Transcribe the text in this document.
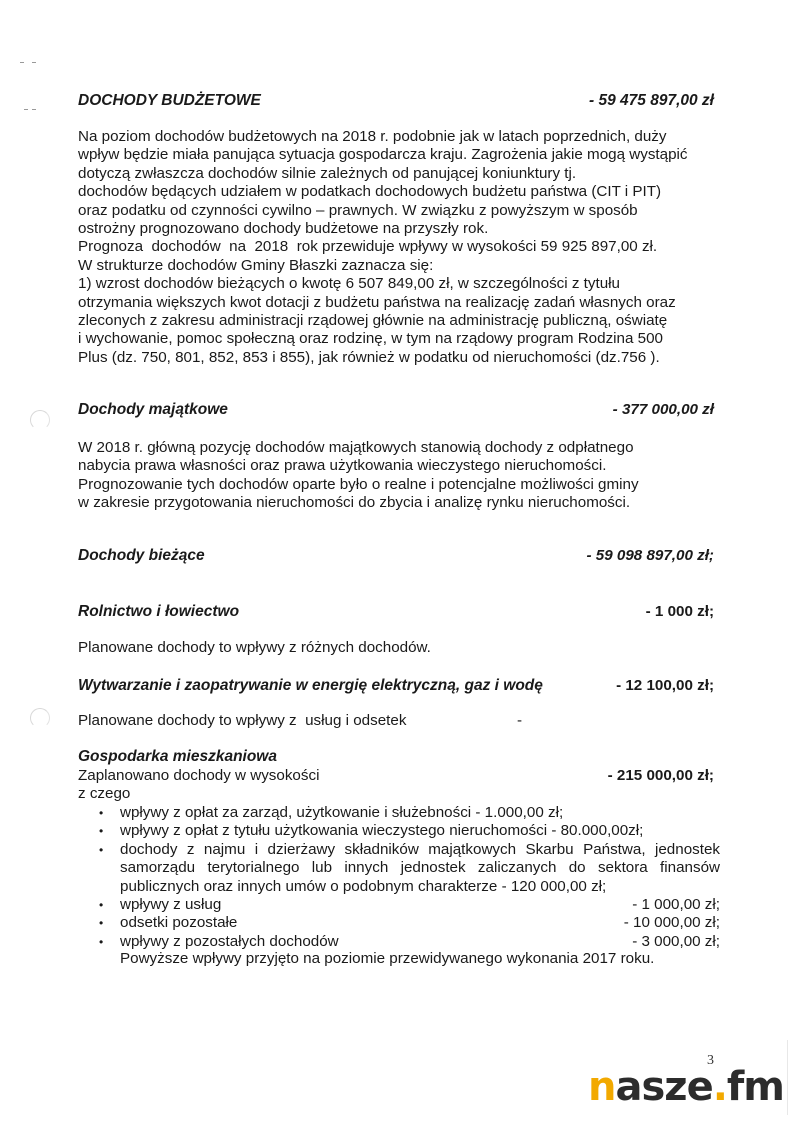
DOCHODY BUDŻETOWE	- 59 475 897,00 zł
Na poziom dochodów budżetowych na 2018 r. podobnie jak w latach poprzednich, duży
wpływ będzie miała panująca sytuacja gospodarcza kraju. Zagrożenia jakie mogą wystąpić
dotyczą zwłaszcza dochodów silnie zależnych od panującej koniunktury tj.
dochodów będących udziałem w podatkach dochodowych budżetu państwa (CIT i PIT)
oraz podatku od czynności cywilno – prawnych. W związku z powyższym w sposób
ostrożny prognozowano dochody budżetowe na przyszły rok.
Prognoza  dochodów  na  2018  rok przewiduje wpływy w wysokości 59 925 897,00 zł.
W strukturze dochodów Gminy Błaszki zaznacza się:
1) wzrost dochodów bieżących o kwotę 6 507 849,00 zł, w szczególności z tytułu
otrzymania większych kwot dotacji z budżetu państwa na realizację zadań własnych oraz
zleconych z zakresu administracji rządowej głównie na administrację publiczną, oświatę
i wychowanie, pomoc społeczną oraz rodzinę, w tym na rządowy program Rodzina 500
Plus (dz. 750, 801, 852, 853 i 855), jak również w podatku od nieruchomości (dz.756 ).
Dochody majątkowe	- 377 000,00 zł
W 2018 r. główną pozycję dochodów majątkowych stanowią dochody z odpłatnego
nabycia prawa własności oraz prawa użytkowania wieczystego nieruchomości.
Prognozowanie tych dochodów oparte było o realne i potencjalne możliwości gminy
w zakresie przygotowania nieruchomości do zbycia i analizę rynku nieruchomości.
Dochody bieżące	- 59 098 897,00 zł;
Rolnictwo i łowiectwo	- 1 000 zł;
Planowane dochody to wpływy z różnych dochodów.
Wytwarzanie i zaopatrywanie w energię elektryczną, gaz i wodę	- 12 100,00 zł;
Planowane dochody to wpływy z  usług i odsetek	-
Gospodarka mieszkaniowa
Zaplanowano dochody w wysokości	- 215 000,00 zł;
z czego
• wpływy z opłat za zarząd, użytkowanie i służebności - 1.000,00 zł;
• wpływy z opłat z tytułu użytkowania wieczystego nieruchomości - 80.000,00zł;
• dochody z najmu i dzierżawy składników majątkowych Skarbu Państwa, jednostek samorządu terytorialnego lub innych jednostek zaliczanych do sektora finansów publicznych oraz innych umów o podobnym charakterze - 120 000,00 zł;
• wpływy z usług	- 1 000,00 zł;
• odsetki pozostałe	- 10 000,00 zł;
• wpływy z pozostałych dochodów	- 3 000,00 zł;
Powyższe wpływy przyjęto na poziomie przewidywanego wykonania 2017 roku.
3
nasze.fm
